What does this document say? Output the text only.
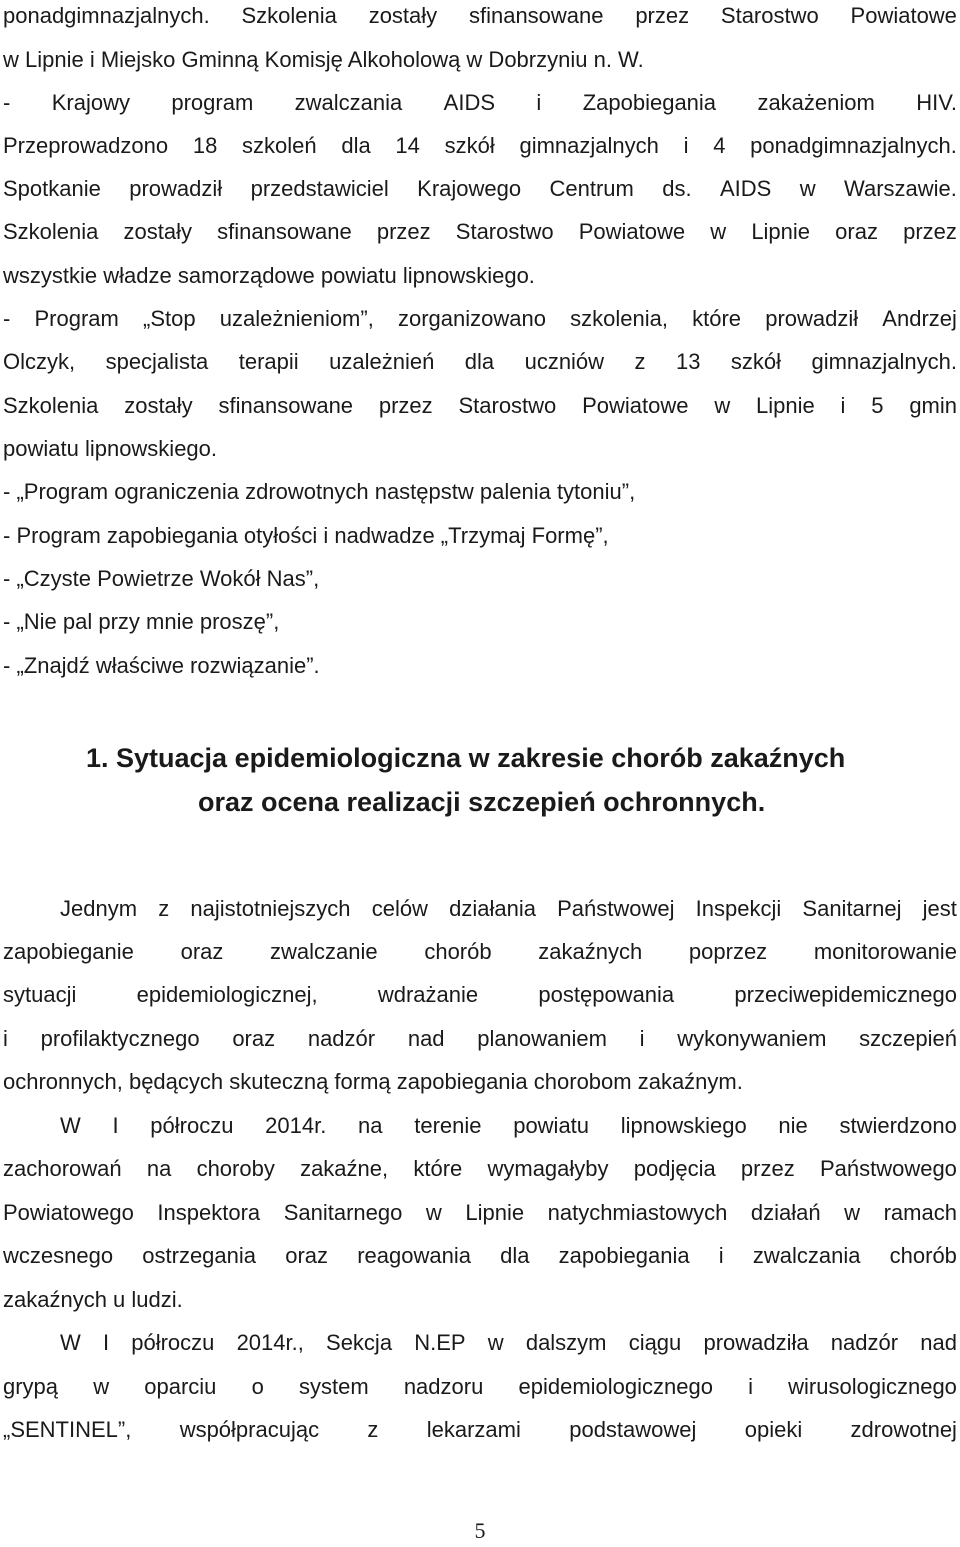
ponadgimnazjalnych. Szkolenia zostały sfinansowane przez Starostwo Powiatowe
w Lipnie i Miejsko Gminną Komisję Alkoholową w Dobrzyniu n. W.
- Krajowy program zwalczania AIDS i Zapobiegania zakażeniom HIV.
Przeprowadzono 18 szkoleń dla 14 szkół gimnazjalnych i 4 ponadgimnazjalnych.
Spotkanie prowadził przedstawiciel Krajowego Centrum ds. AIDS w Warszawie.
Szkolenia zostały sfinansowane przez Starostwo Powiatowe w Lipnie oraz przez
wszystkie władze samorządowe powiatu lipnowskiego.
- Program „Stop uzależnieniom”, zorganizowano szkolenia, które prowadził Andrzej
Olczyk, specjalista terapii uzależnień dla uczniów z 13 szkół gimnazjalnych.
Szkolenia zostały sfinansowane przez Starostwo Powiatowe w Lipnie i 5 gmin
powiatu lipnowskiego.
- „Program ograniczenia zdrowotnych następstw palenia tytoniu”,
- Program zapobiegania otyłości i nadwadze „Trzymaj Formę”,
- „Czyste Powietrze Wokół Nas”,
- „Nie pal przy mnie proszę”,
- „Znajdź właściwe rozwiązanie”.
1. Sytuacja epidemiologiczna w zakresie chorób zakaźnych
oraz ocena realizacji szczepień ochronnych.
Jednym z najistotniejszych celów działania Państwowej Inspekcji Sanitarnej jest
zapobieganie oraz zwalczanie chorób zakaźnych poprzez monitorowanie
sytuacji	epidemiologicznej,	wdrażanie	postępowania	przeciwepidemicznego
i profilaktycznego oraz nadzór nad planowaniem i wykonywaniem szczepień
ochronnych, będących skuteczną formą zapobiegania chorobom zakaźnym.
W I półroczu 2014r. na terenie powiatu lipnowskiego nie stwierdzono
zachorowań na choroby zakaźne, które wymagałyby podjęcia przez Państwowego
Powiatowego Inspektora Sanitarnego w Lipnie natychmiastowych działań w ramach
wczesnego ostrzegania oraz reagowania dla zapobiegania i zwalczania chorób
zakaźnych u ludzi.
W I półroczu 2014r., Sekcja N.EP w dalszym ciągu prowadziła nadzór nad
grypą w oparciu o system nadzoru epidemiologicznego i wirusologicznego
„SENTINEL”, współpracując z lekarzami podstawowej opieki zdrowotnej
5
